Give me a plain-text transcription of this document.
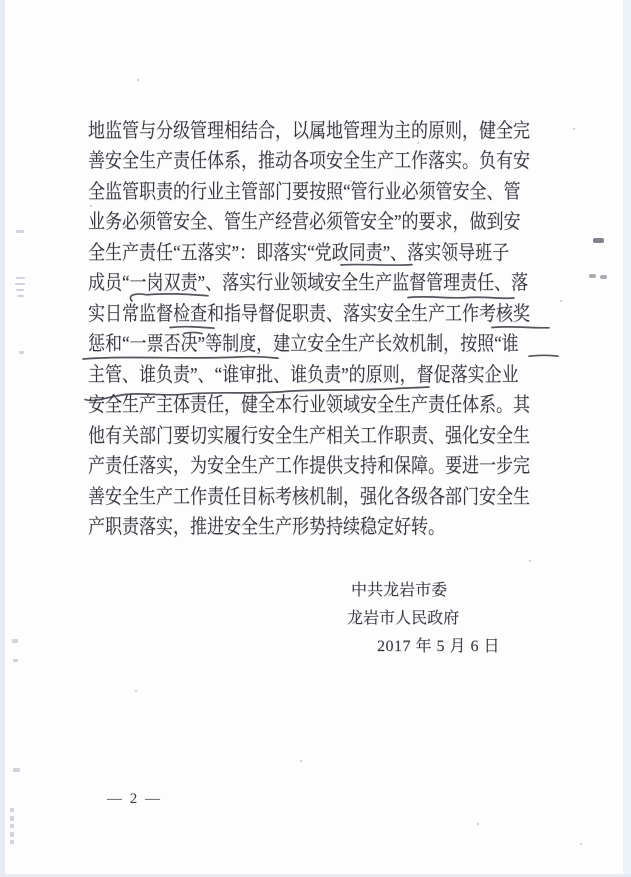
地监管与分级管理相结合，以属地管理为主的原则，健全完
善安全生产责任体系，推动各项安全生产工作落实。负有安
全监管职责的行业主管部门要按照“管行业必须管安全、管
业务必须管安全、管生产经营必须管安全”的要求，做到安
全生产责任“五落实”：即落实“党政同责”、落实领导班子
成员“一岗双责”、落实行业领域安全生产监督管理责任、落
实日常监督检查和指导督促职责、落实安全生产工作考核奖
惩和“一票否决”等制度，建立安全生产长效机制，按照“谁
主管、谁负责”、“谁审批、谁负责”的原则，督促落实企业
安全生产主体责任，健全本行业领域安全生产责任体系。其
他有关部门要切实履行安全生产相关工作职责、强化安全生
产责任落实，为安全生产工作提供支持和保障。要进一步完
善安全生产工作责任目标考核机制，强化各级各部门安全生
产职责落实，推进安全生产形势持续稳定好转。
中 共 龙 岩 市 委
龙 岩 市 人 民 政 府
2017 年 5 月 6 日
— 2 —
